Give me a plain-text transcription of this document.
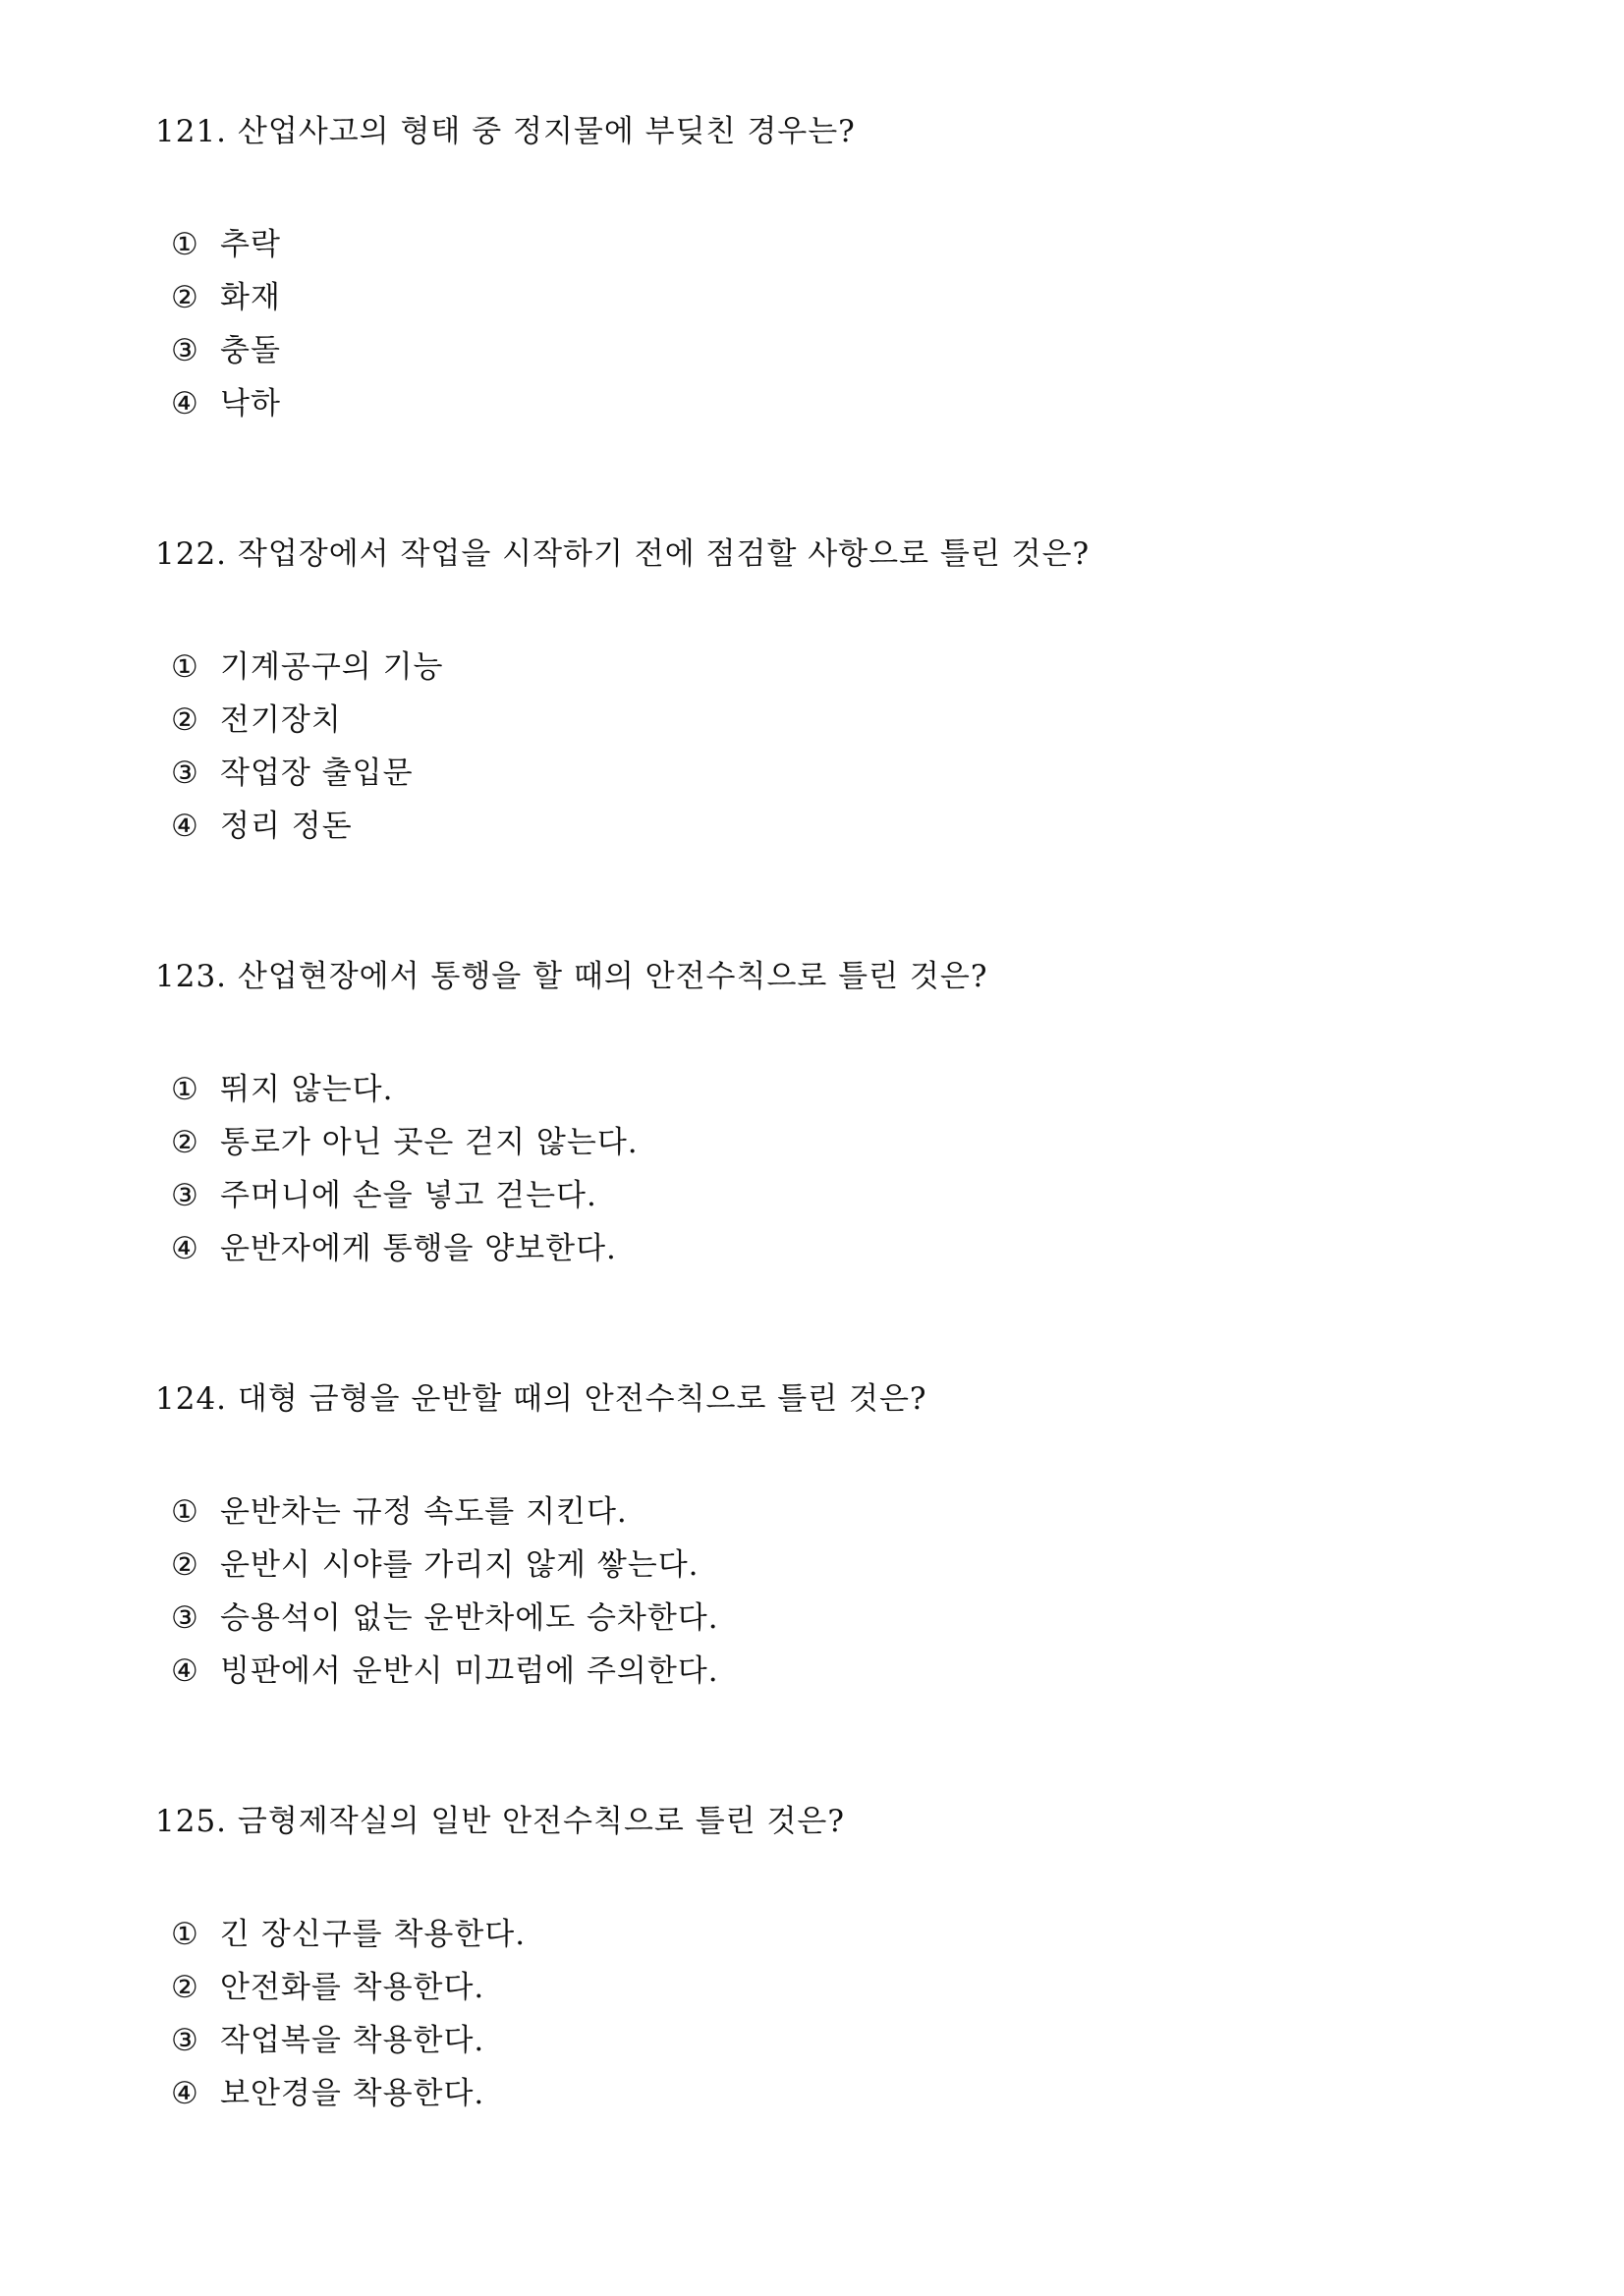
121. 산업사고의 형태 중 정지물에 부딪친 경우는?
① 추락
② 화재
③ 충돌
④ 낙하
122. 작업장에서 작업을 시작하기 전에 점검할 사항으로 틀린 것은?
① 기계공구의 기능
② 전기장치
③ 작업장 출입문
④ 정리 정돈
123. 산업현장에서 통행을 할 때의 안전수칙으로 틀린 것은?
① 뛰지 않는다.
② 통로가 아닌 곳은 걷지 않는다.
③ 주머니에 손을 넣고 걷는다.
④ 운반자에게 통행을 양보한다.
124. 대형 금형을 운반할 때의 안전수칙으로 틀린 것은?
① 운반차는 규정 속도를 지킨다.
② 운반시 시야를 가리지 않게 쌓는다.
③ 승용석이 없는 운반차에도 승차한다.
④ 빙판에서 운반시 미끄럼에 주의한다.
125. 금형제작실의 일반 안전수칙으로 틀린 것은?
① 긴 장신구를 착용한다.
② 안전화를 착용한다.
③ 작업복을 착용한다.
④ 보안경을 착용한다.
